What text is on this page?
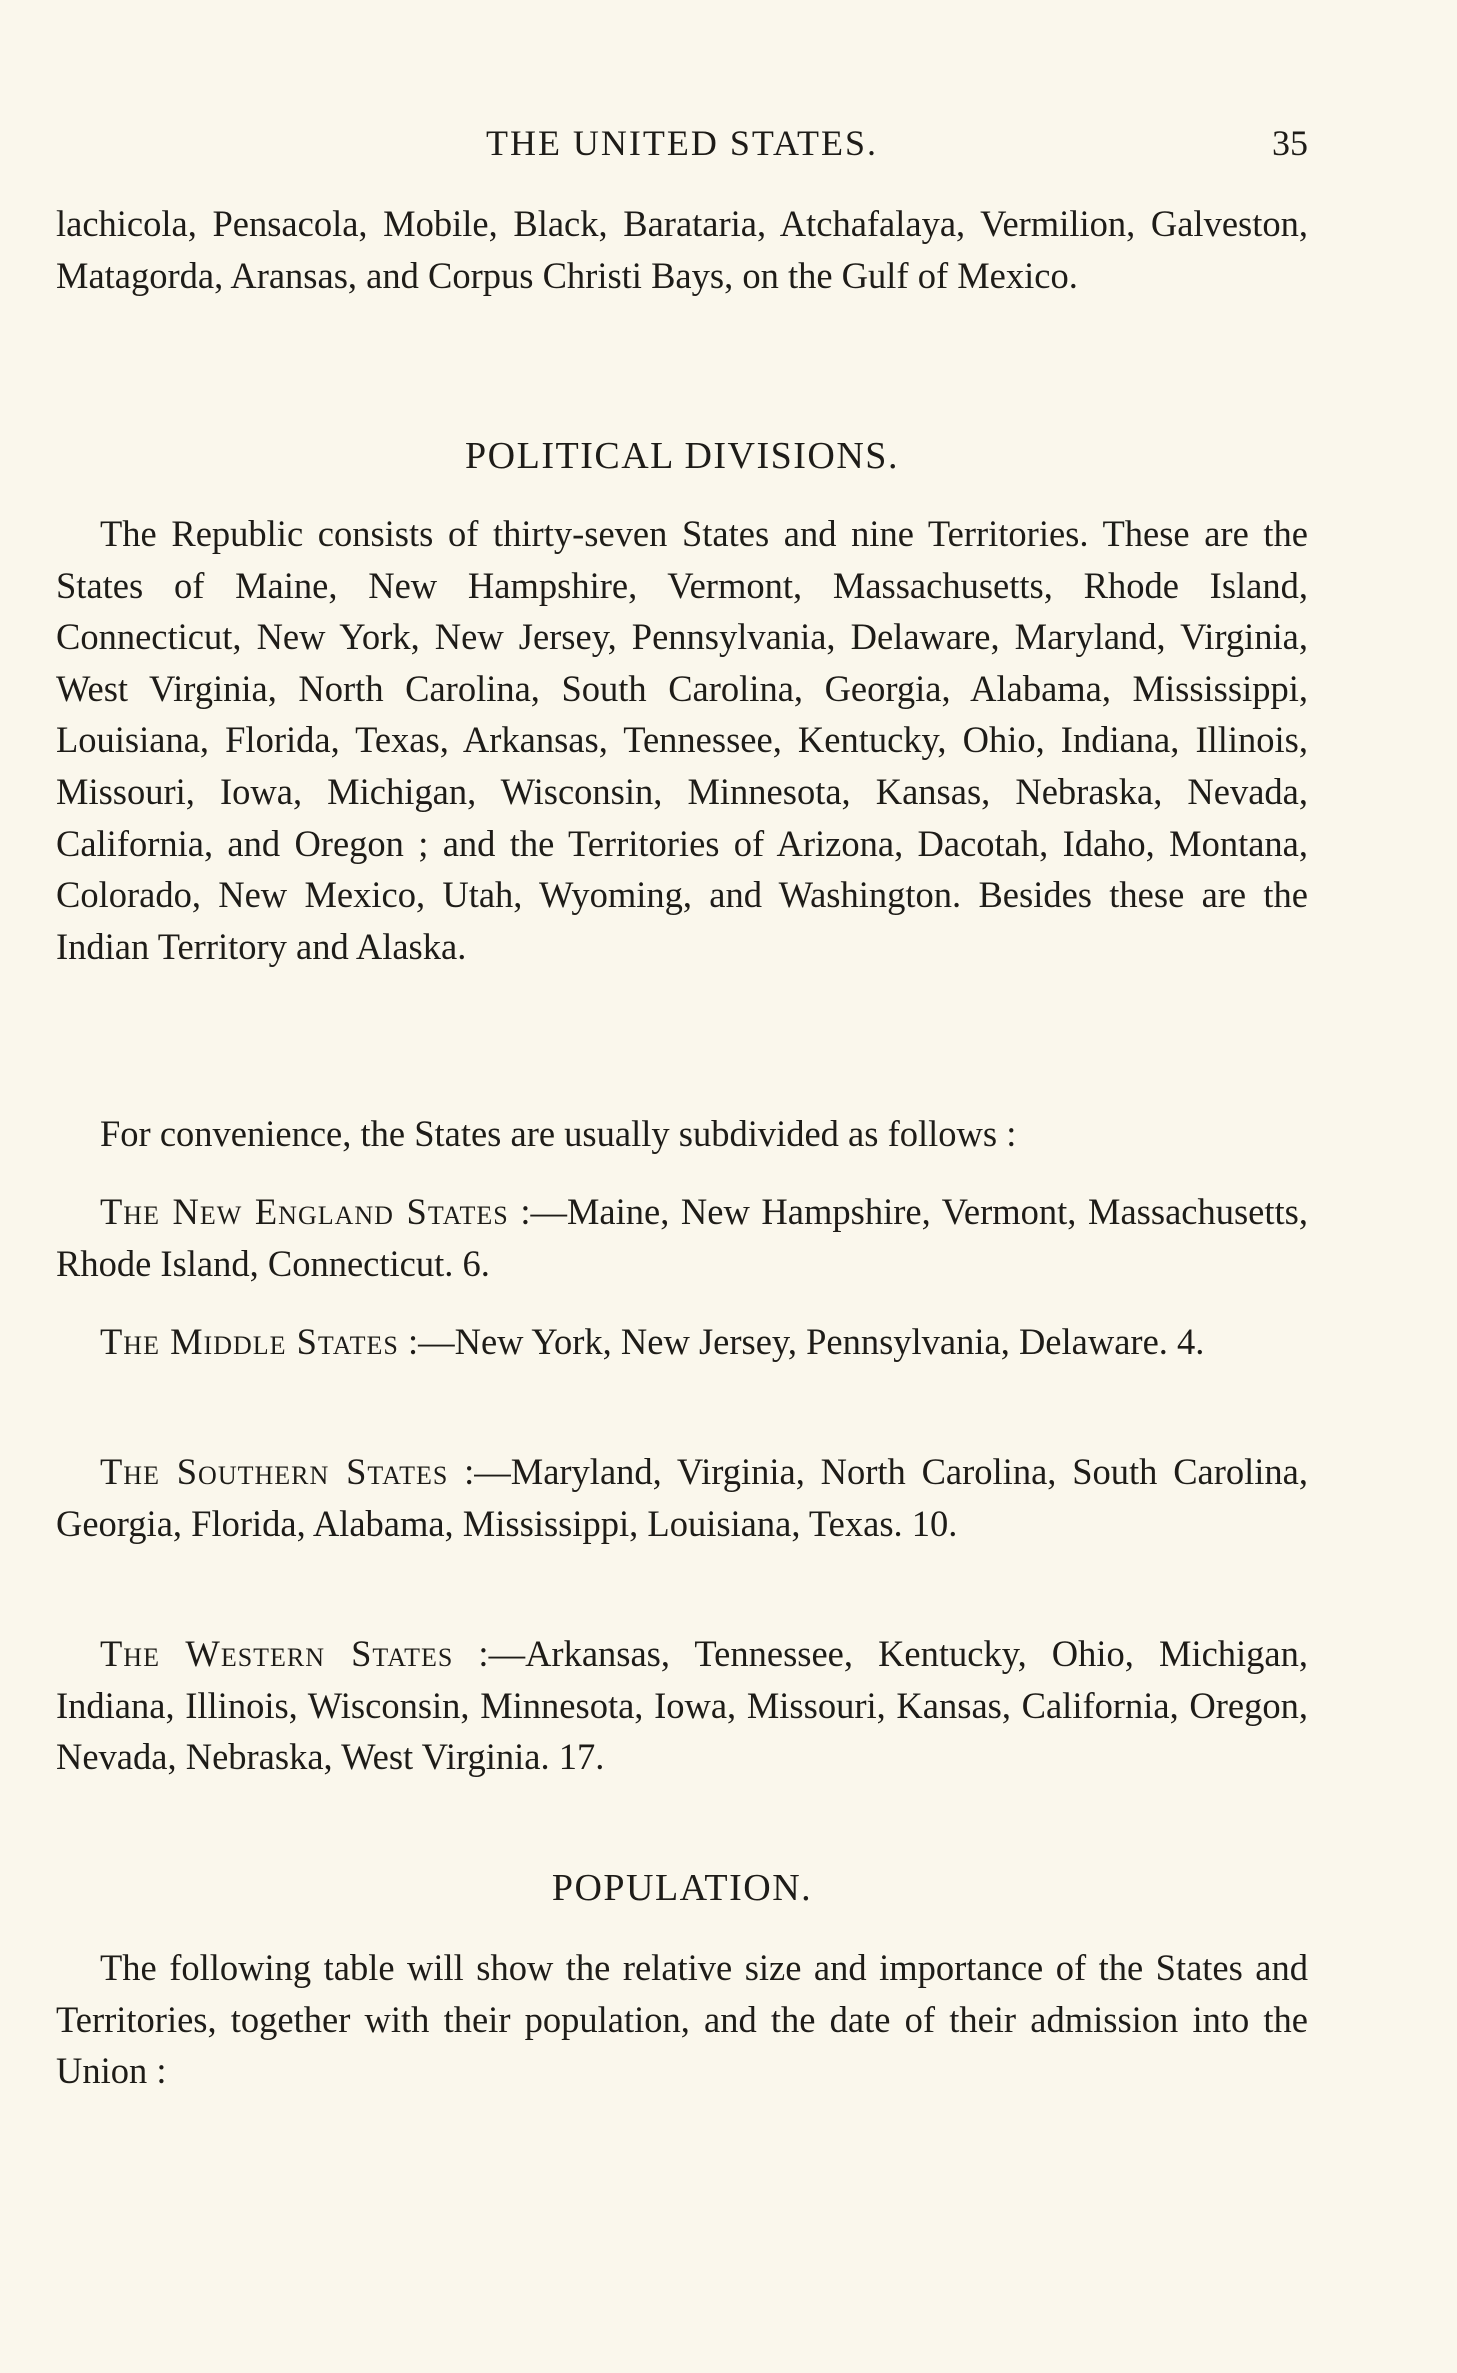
THE UNITED STATES.	35

lachicola, Pensacola, Mobile, Black, Barataria, Atchafalaya, Vermilion, Galveston, Matagorda, Aransas, and Corpus Christi Bays, on the Gulf of Mexico.

POLITICAL DIVISIONS.

The Republic consists of thirty-seven States and nine Territories. These are the States of Maine, New Hampshire, Vermont, Massachusetts, Rhode Island, Connecticut, New York, New Jersey, Pennsylvania, Delaware, Maryland, Virginia, West Virginia, North Carolina, South Carolina, Georgia, Alabama, Mississippi, Louisiana, Florida, Texas, Arkansas, Tennessee, Kentucky, Ohio, Indiana, Illinois, Missouri, Iowa, Michigan, Wisconsin, Minnesota, Kansas, Nebraska, Nevada, California, and Oregon ; and the Territories of Arizona, Dacotah, Idaho, Montana, Colorado, New Mexico, Utah, Wyoming, and Washington. Besides these are the Indian Territory and Alaska.

For convenience, the States are usually subdivided as follows :

The New England States :—Maine, New Hampshire, Vermont, Massachusetts, Rhode Island, Connecticut. 6.

The Middle States :—New York, New Jersey, Pennsylvania, Delaware. 4.

The Southern States :—Maryland, Virginia, North Carolina, South Carolina, Georgia, Florida, Alabama, Mississippi, Louisiana, Texas. 10.

The Western States :—Arkansas, Tennessee, Kentucky, Ohio, Michigan, Indiana, Illinois, Wisconsin, Minnesota, Iowa, Missouri, Kansas, California, Oregon, Nevada, Nebraska, West Virginia. 17.

POPULATION.

The following table will show the relative size and importance of the States and Territories, together with their population, and the date of their admission into the Union :
